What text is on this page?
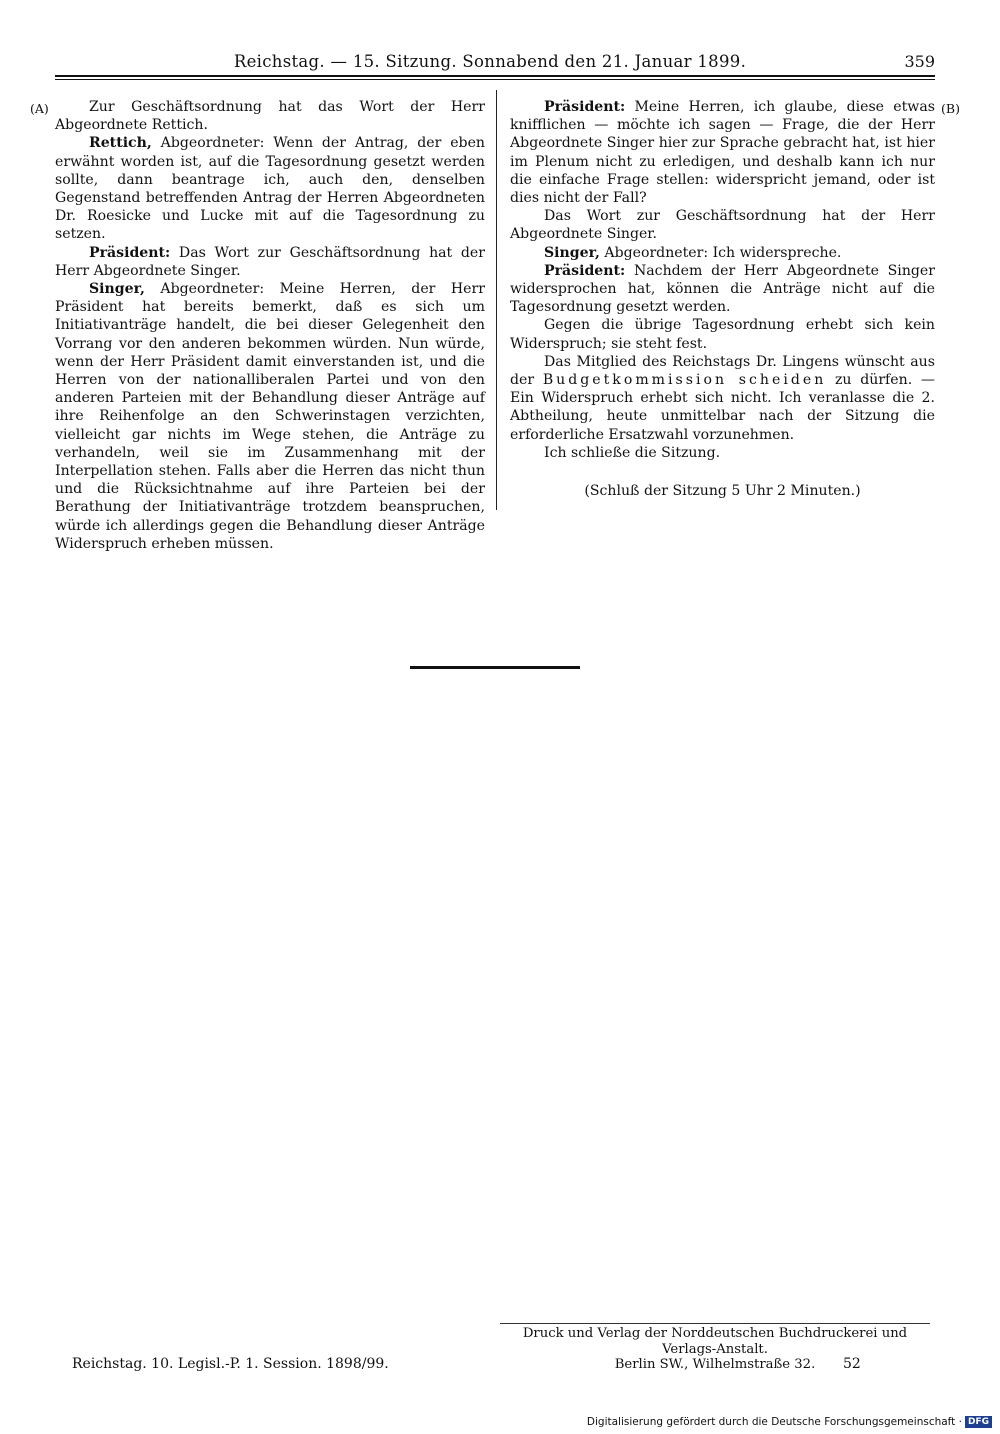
Reichstag. — 15. Sitzung. Sonnabend den 21. Januar 1899.	359
(A)	(B)

Zur Geschäftsordnung hat das Wort der Herr Abgeordnete Rettich.

Rettich, Abgeordneter: Wenn der Antrag, der eben erwähnt worden ist, auf die Tagesordnung gesetzt werden sollte, dann beantrage ich, auch den, denselben Gegenstand betreffenden Antrag der Herren Abgeordneten Dr. Roesicke und Lucke mit auf die Tagesordnung zu setzen.

Präsident: Das Wort zur Geschäftsordnung hat der Herr Abgeordnete Singer.

Singer, Abgeordneter: Meine Herren, der Herr Präsident hat bereits bemerkt, daß es sich um Initiativanträge handelt, die bei dieser Gelegenheit den Vorrang vor den anderen bekommen würden. Nun würde, wenn der Herr Präsident damit einverstanden ist, und die Herren von der nationalliberalen Partei und von den anderen Parteien mit der Behandlung dieser Anträge auf ihre Reihenfolge an den Schwerinstagen verzichten, vielleicht gar nichts im Wege stehen, die Anträge zu verhandeln, weil sie im Zusammenhang mit der Interpellation stehen. Falls aber die Herren das nicht thun und die Rücksichtnahme auf ihre Parteien bei der Berathung der Initiativanträge trotzdem beanspruchen, würde ich allerdings gegen die Behandlung dieser Anträge Widerspruch erheben müssen.

Präsident: Meine Herren, ich glaube, diese etwas knifflichen — möchte ich sagen — Frage, die der Herr Abgeordnete Singer hier zur Sprache gebracht hat, ist hier im Plenum nicht zu erledigen, und deshalb kann ich nur die einfache Frage stellen: widerspricht jemand, oder ist dies nicht der Fall?

Das Wort zur Geschäftsordnung hat der Herr Abgeordnete Singer.

Singer, Abgeordneter: Ich widerspreche.

Präsident: Nachdem der Herr Abgeordnete Singer widersprochen hat, können die Anträge nicht auf die Tagesordnung gesetzt werden.

Gegen die übrige Tagesordnung erhebt sich kein Widerspruch; sie steht fest.

Das Mitglied des Reichstags Dr. Lingens wünscht aus der Budgetkommission scheiden zu dürfen. — Ein Widerspruch erhebt sich nicht. Ich veranlasse die 2. Abtheilung, heute unmittelbar nach der Sitzung die erforderliche Ersatzwahl vorzunehmen.

Ich schließe die Sitzung.

(Schluß der Sitzung 5 Uhr 2 Minuten.)

Druck und Verlag der Norddeutschen Buchdruckerei und Verlags-Anstalt.
Berlin SW., Wilhelmstraße 32.
Reichstag. 10. Legisl.-P. 1. Session. 1898/99.	52
Digitalisierung gefördert durch die Deutsche Forschungsgemeinschaft · DFG
